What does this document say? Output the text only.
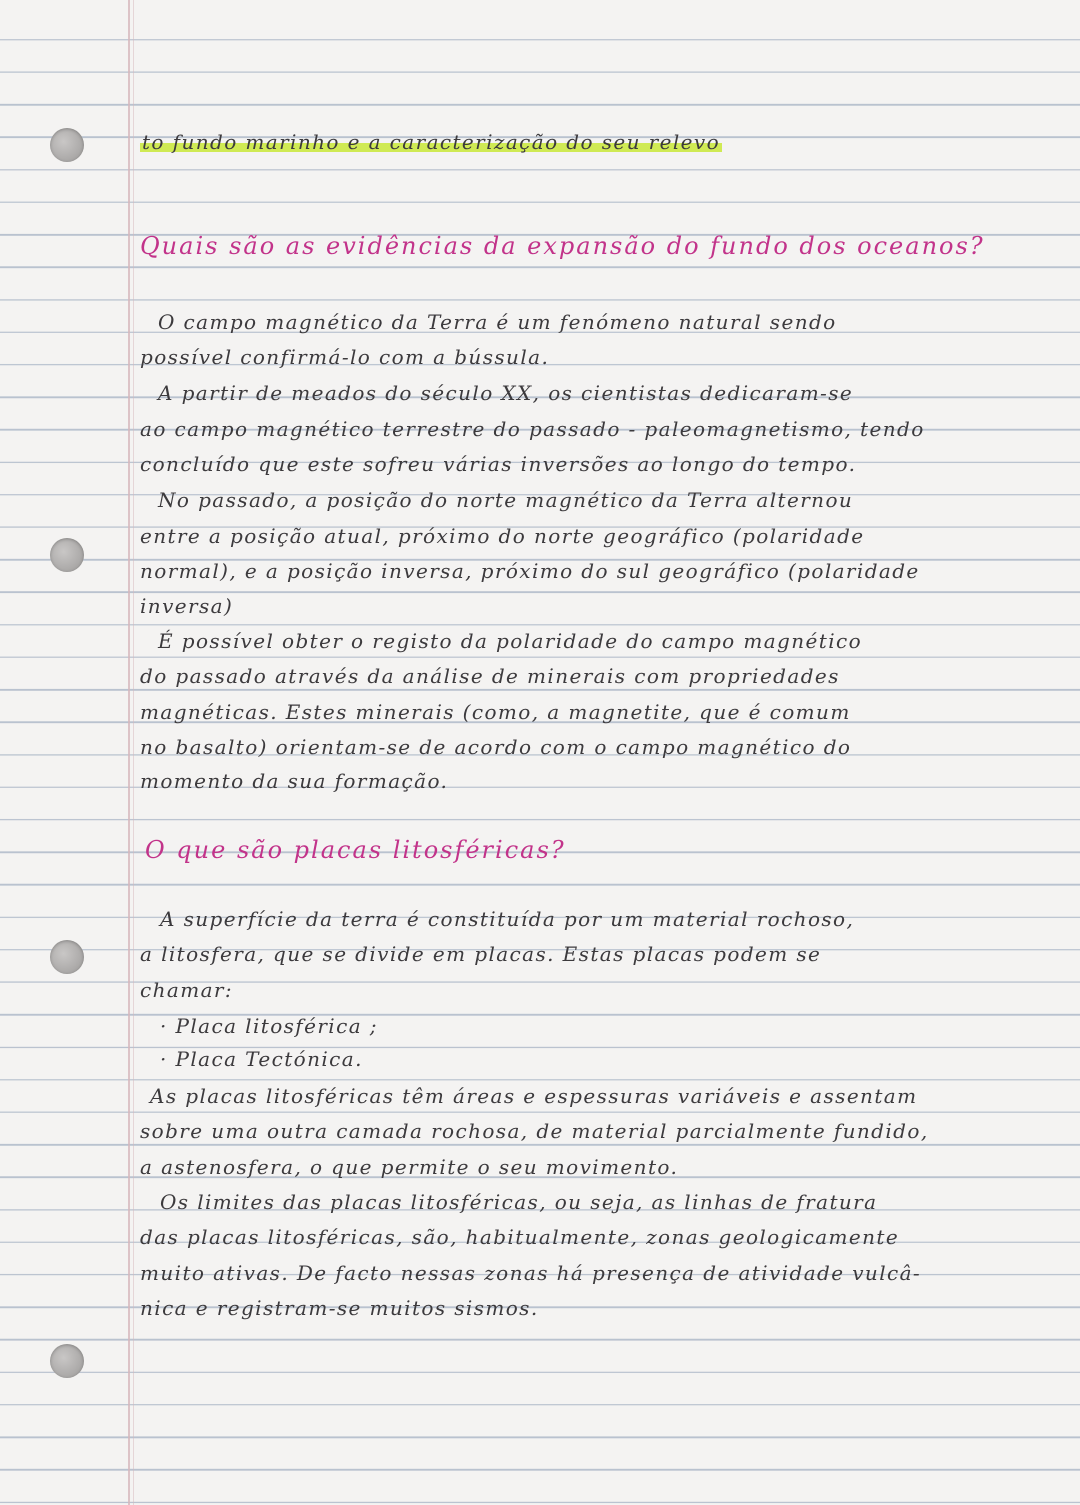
to fundo marinho e a caracterização do seu relevo
Quais são as evidências da expansão do fundo dos oceanos?
O campo magnético da Terra é um fenómeno natural sendo
possível confirmá-lo com a bússula.
A partir de meados do século XX, os cientistas dedicaram-se
ao campo magnético terrestre do passado - paleomagnetismo, tendo
concluído que este sofreu várias inversões ao longo do tempo.
No passado, a posição do norte magnético da Terra alternou
entre a posição atual, próximo do norte geográfico (polaridade
normal), e a posição inversa, próximo do sul geográfico (polaridade
inversa)
É possível obter o registo da polaridade do campo magnético
do passado através da análise de minerais com propriedades
magnéticas. Estes minerais (como, a magnetite, que é comum
no basalto) orientam-se de acordo com o campo magnético do
momento da sua formação.
O que são placas litosféricas?
A superfície da terra é constituída por um material rochoso,
a litosfera, que se divide em placas. Estas placas podem se
chamar:
· Placa litosférica ;
· Placa Tectónica.
As placas litosféricas têm áreas e espessuras variáveis e assentam
sobre uma outra camada rochosa, de material parcialmente fundido,
a astenosfera, o que permite o seu movimento.
Os limites das placas litosféricas, ou seja, as linhas de fratura
das placas litosféricas, são, habitualmente, zonas geologicamente
muito ativas. De facto nessas zonas há presença de atividade vulcâ-
nica e registram-se muitos sismos.
